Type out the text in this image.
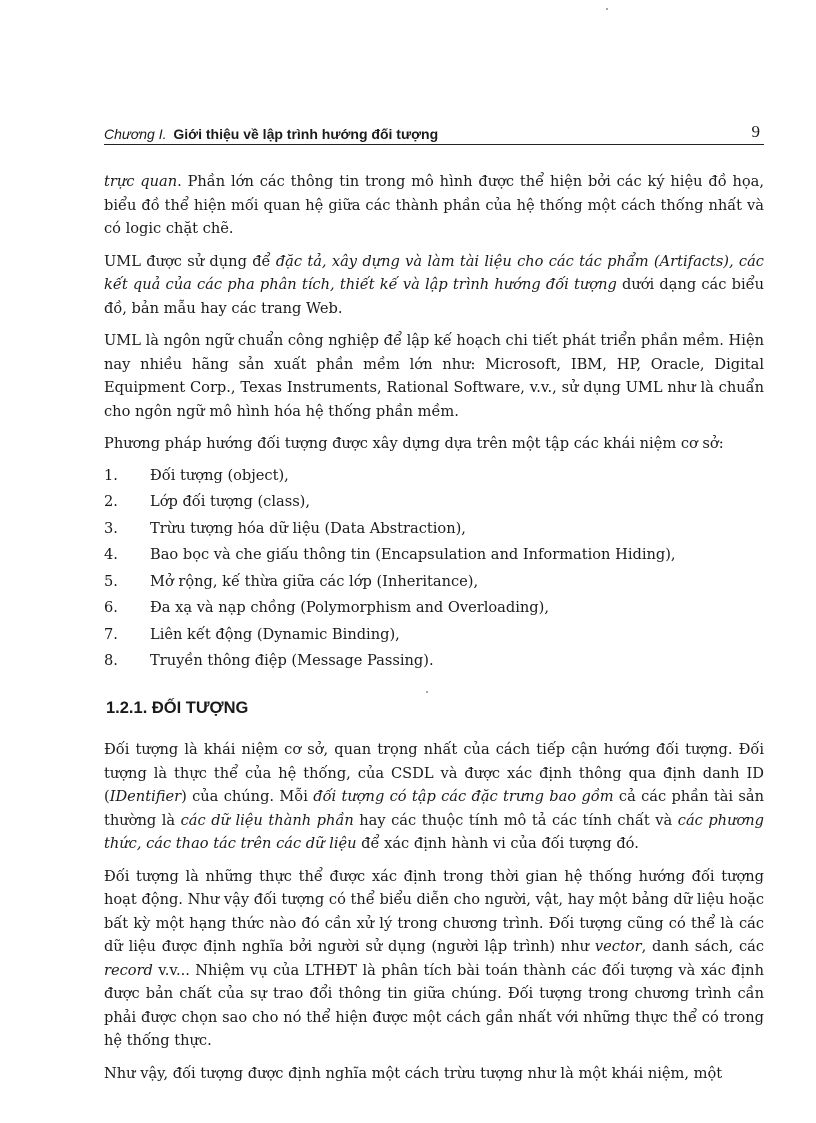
Chương I. Giới thiệu về lập trình hướng đối tượng	9

trực quan. Phần lớn các thông tin trong mô hình được thể hiện bởi các ký hiệu đồ họa, biểu đồ thể hiện mối quan hệ giữa các thành phần của hệ thống một cách thống nhất và có logic chặt chẽ.

UML được sử dụng để đặc tả, xây dựng và làm tài liệu cho các tác phẩm (Artifacts), các kết quả của các pha phân tích, thiết kế và lập trình hướng đối tượng dưới dạng các biểu đồ, bản mẫu hay các trang Web.

UML là ngôn ngữ chuẩn công nghiệp để lập kế hoạch chi tiết phát triển phần mềm. Hiện nay nhiều hãng sản xuất phần mềm lớn như: Microsoft, IBM, HP, Oracle, Digital Equipment Corp., Texas Instruments, Rational Software, v.v., sử dụng UML như là chuẩn cho ngôn ngữ mô hình hóa hệ thống phần mềm.

Phương pháp hướng đối tượng được xây dựng dựa trên một tập các khái niệm cơ sở:

1.	Đối tượng (object),
2.	Lớp đối tượng (class),
3.	Trừu tượng hóa dữ liệu (Data Abstraction),
4.	Bao bọc và che giấu thông tin (Encapsulation and Information Hiding),
5.	Mở rộng, kế thừa giữa các lớp (Inheritance),
6.	Đa xạ và nạp chồng (Polymorphism and Overloading),
7.	Liên kết động (Dynamic Binding),
8.	Truyền thông điệp (Message Passing).
1.2.1. ĐỐI TƯỢNG

Đối tượng là khái niệm cơ sở, quan trọng nhất của cách tiếp cận hướng đối tượng. Đối tượng là thực thể của hệ thống, của CSDL và được xác định thông qua định danh ID (IDentifier) của chúng. Mỗi đối tượng có tập các đặc trưng bao gồm cả các phần tài sản thường là các dữ liệu thành phần hay các thuộc tính mô tả các tính chất và các phương thức, các thao tác trên các dữ liệu để xác định hành vi của đối tượng đó.

Đối tượng là những thực thể được xác định trong thời gian hệ thống hướng đối tượng hoạt động. Như vậy đối tượng có thể biểu diễn cho người, vật, hay một bảng dữ liệu hoặc bất kỳ một hạng thức nào đó cần xử lý trong chương trình. Đối tượng cũng có thể là các dữ liệu được định nghĩa bởi người sử dụng (người lập trình) như vector, danh sách, các record v.v... Nhiệm vụ của LTHĐT là phân tích bài toán thành các đối tượng và xác định được bản chất của sự trao đổi thông tin giữa chúng. Đối tượng trong chương trình cần phải được chọn sao cho nó thể hiện được một cách gần nhất với những thực thể có trong hệ thống thực.

Như vậy, đối tượng được định nghĩa một cách trừu tượng như là một khái niệm, một
